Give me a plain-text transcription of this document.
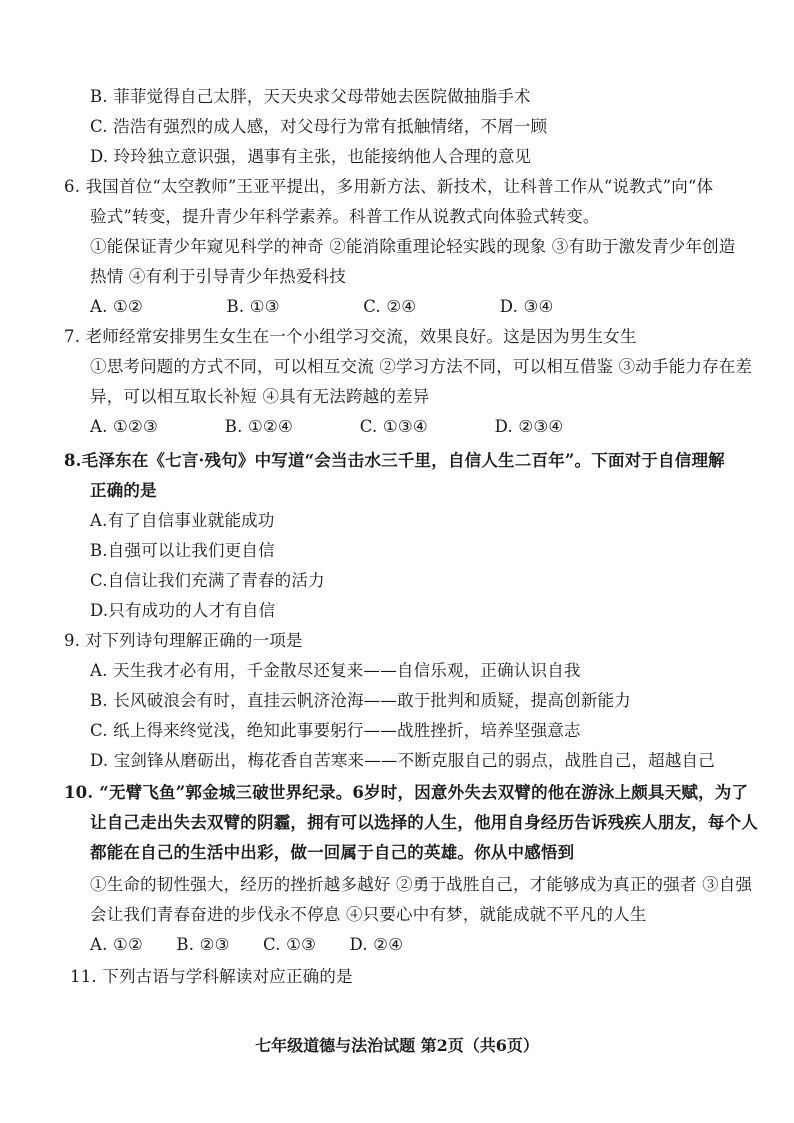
B. 菲菲觉得自己太胖，天天央求父母带她去医院做抽脂手术
C. 浩浩有强烈的成人感，对父母行为常有抵触情绪，不屑一顾
D. 玲玲独立意识强，遇事有主张，也能接纳他人合理的意见
6. 我国首位“太空教师”王亚平提出，多用新方法、新技术，让科普工作从“说教式”向“体
验式”转变，提升青少年科学素养。科普工作从说教式向体验式转变。
①能保证青少年窥见科学的神奇 ②能消除重理论轻实践的现象 ③有助于激发青少年创造
热情 ④有利于引导青少年热爱科技
A. ①②　　　　　B. ①③　　　　　C. ②④　　　　　D. ③④
7. 老师经常安排男生女生在一个小组学习交流，效果良好。这是因为男生女生
①思考问题的方式不同，可以相互交流 ②学习方法不同，可以相互借鉴 ③动手能力存在差
异，可以相互取长补短 ④具有无法跨越的差异
A. ①②③　　　　B. ①②④　　　　C. ①③④　　　　D. ②③④
8.毛泽东在《七言·残句》中写道“会当击水三千里，自信人生二百年”。下面对于自信理解
正确的是
A.有了自信事业就能成功
B.自强可以让我们更自信
C.自信让我们充满了青春的活力
D.只有成功的人才有自信
9. 对下列诗句理解正确的一项是
A. 天生我才必有用，千金散尽还复来——自信乐观，正确认识自我
B. 长风破浪会有时，直挂云帆济沧海——敢于批判和质疑，提高创新能力
C. 纸上得来终觉浅，绝知此事要躬行——战胜挫折，培养坚强意志
D. 宝剑锋从磨砺出，梅花香自苦寒来——不断克服自己的弱点，战胜自己，超越自己
10. “无臂飞鱼”郭金城三破世界纪录。6岁时，因意外失去双臂的他在游泳上颇具天赋，为了
让自己走出失去双臂的阴霾，拥有可以选择的人生，他用自身经历告诉残疾人朋友，每个人
都能在自己的生活中出彩，做一回属于自己的英雄。你从中感悟到
①生命的韧性强大，经历的挫折越多越好 ②勇于战胜自己，才能够成为真正的强者 ③自强
会让我们青春奋进的步伐永不停息 ④只要心中有梦，就能成就不平凡的人生
A. ①②　　B. ②③　　C. ①③　　D. ②④
11. 下列古语与学科解读对应正确的是
七年级道德与法治试题 第2页（共6页）
